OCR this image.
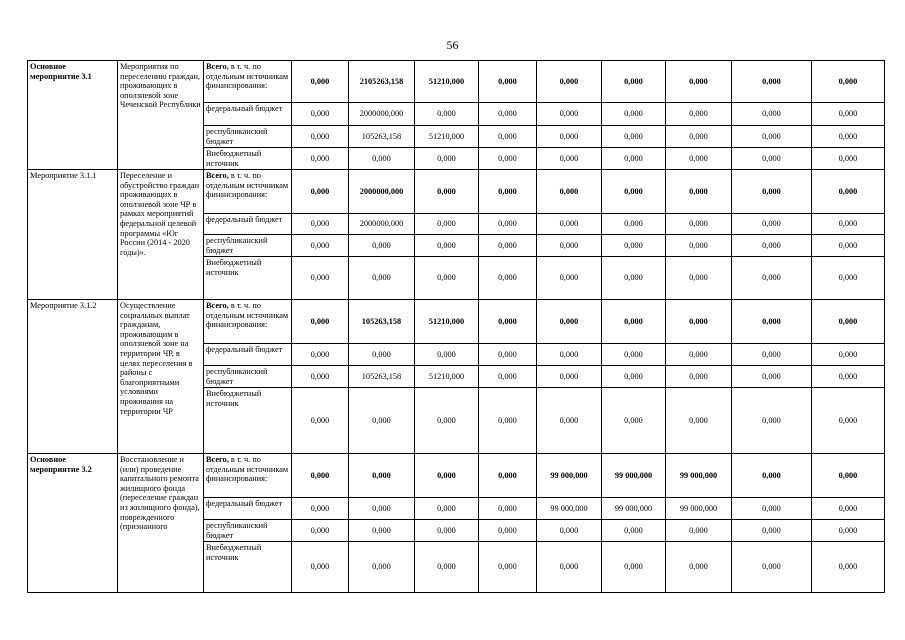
56
Основное мероприятие 3.1	Мероприятия по переселению граждан, проживающих в оползневой зоне Чеченской Республики	Всего, в т. ч. по отдельным источникам финансирования:	0,000	2105263,158	51210,000	0,000	0,000	0,000	0,000	0,000	0,000
		федеральный бюджет	0,000	2000000,000	0,000	0,000	0,000	0,000	0,000	0,000	0,000
		республиканский бюджет	0,000	105263,158	51210,000	0,000	0,000	0,000	0,000	0,000	0,000
		Внебюджетный источник	0,000	0,000	0,000	0,000	0,000	0,000	0,000	0,000	0,000
Мероприятие 3.1.1	Переселение и обустройство граждан проживающих в оползневой зоне ЧР в рамках мероприятий федеральной целевой программы «Юг России (2014 - 2020 годы)».	Всего, в т. ч. по отдельным источникам финансирования:	0,000	2000000,000	0,000	0,000	0,000	0,000	0,000	0,000	0,000
		федеральный бюджет	0,000	2000000,000	0,000	0,000	0,000	0,000	0,000	0,000	0,000
		республиканский бюджет	0,000	0,000	0,000	0,000	0,000	0,000	0,000	0,000	0,000
		Внебюджетный источник	0,000	0,000	0,000	0,000	0,000	0,000	0,000	0,000	0,000
Мероприятие 3.1.2	Осуществление социальных выплат гражданам, проживающим в оползневой зоне на территории ЧР, в целях переселения в районы с благоприятными условиями проживания на территории ЧР	Всего, в т. ч. по отдельным источникам финансирования:	0,000	105263,158	51210,000	0,000	0,000	0,000	0,000	0,000	0,000
		федеральный бюджет	0,000	0,000	0,000	0,000	0,000	0,000	0,000	0,000	0,000
		республиканский бюджет	0,000	105263,158	51210,000	0,000	0,000	0,000	0,000	0,000	0,000
		Внебюджетный источник	0,000	0,000	0,000	0,000	0,000	0,000	0,000	0,000	0,000
Основное мероприятие 3.2	Восстановление и (или) проведение капитального ремонта жилищного фонда (переселение граждан из жилищного фонда), поврежденного (признанного	Всего, в т. ч. по отдельным источникам финансирования:	0,000	0,000	0,000	0,000	99 000,000	99 000,000	99 000,000	0,000	0,000
		федеральный бюджет	0,000	0,000	0,000	0,000	99 000,000	99 000,000	99 000,000	0,000	0,000
		республиканский бюджет	0,000	0,000	0,000	0,000	0,000	0,000	0,000	0,000	0,000
		Внебюджетный источник	0,000	0,000	0,000	0,000	0,000	0,000	0,000	0,000	0,000
